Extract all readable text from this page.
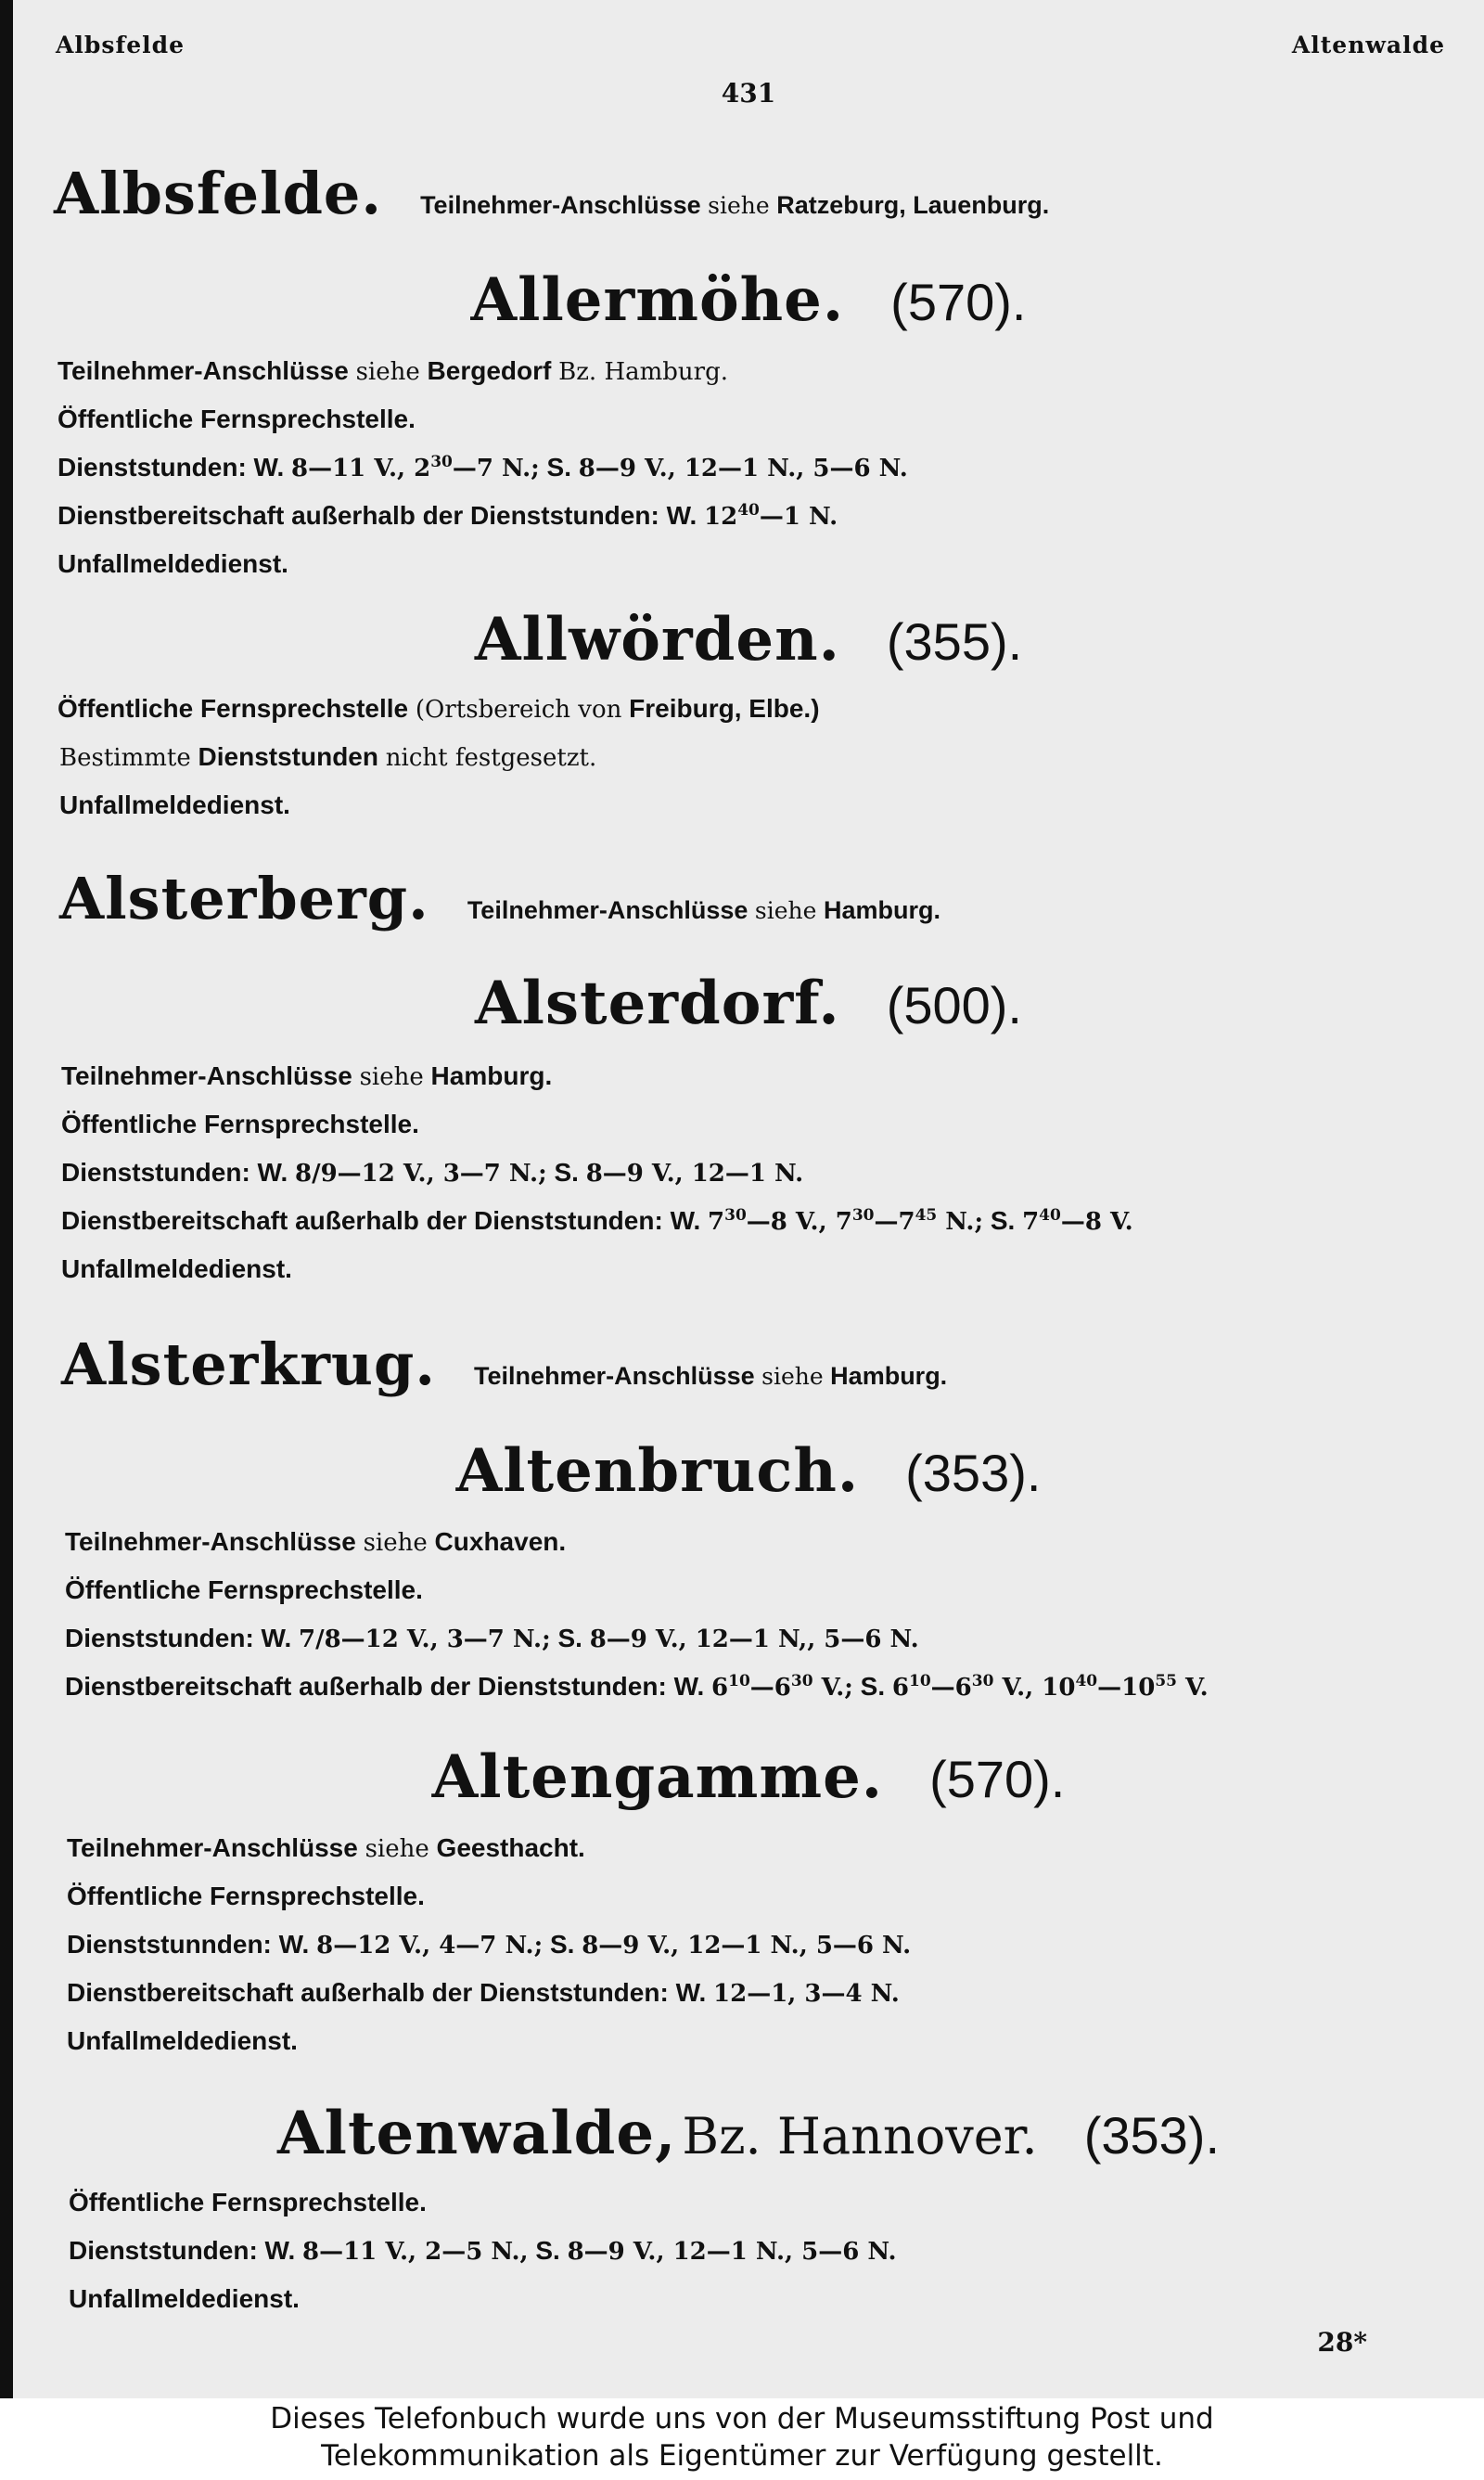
Albsfelde	Altenwalde
431
Albsfelde. Teilnehmer-Anschlüsse siehe Ratzeburg, Lauenburg.
Allermöhe. (570).
Teilnehmer-Anschlüsse siehe Bergedorf Bz. Hamburg.
Öffentliche Fernsprechstelle.
Dienststunden: W. 8—11 V., $2^{30}—7$ N.; S. 8—9 V., 12—1 N., 5—6 N.
Dienstbereitschaft außerhalb der Dienststunden: W. $12^{40}—1$ N.
Unfallmeldedienst.
Allwörden. (355).
Öffentliche Fernsprechstelle (Ortsbereich von Freiburg, Elbe.)
Bestimmte Dienststunden nicht festgesetzt.
Unfallmeldedienst.
Alsterberg. Teilnehmer-Anschlüsse siehe Hamburg.
Alsterdorf. (500).
Teilnehmer-Anschlüsse siehe Hamburg.
Öffentliche Fernsprechstelle.
Dienststunden: W. 8/9—12 V., 3—7 N.; S. 8—9 V., 12—1 N.
Dienstbereitschaft außerhalb der Dienststunden: W. $7^{30}—8$ V., $7^{30}—7^{45}$ N.; S. $7^{40}—8$ V.
Unfallmeldedienst.
Alsterkrug. Teilnehmer-Anschlüsse siehe Hamburg.
Altenbruch. (353).
Teilnehmer-Anschlüsse siehe Cuxhaven.
Öffentliche Fernsprechstelle.
Dienststunden: W. 7/8—12 V., 3—7 N.; S. 8—9 V., 12—1 N,, 5—6 N.
Dienstbereitschaft außerhalb der Dienststunden: W. $6^{10}—6^{30}$ V.; S. $6^{10}—6^{30}$ V., $10^{40}—10^{55}$ V.
Altengamme. (570).
Teilnehmer-Anschlüsse siehe Geesthacht.
Öffentliche Fernsprechstelle.
Dienststunnden: W. 8—12 V., 4—7 N.; S. 8—9 V., 12—1 N., 5—6 N.
Dienstbereitschaft außerhalb der Dienststunden: W. 12—1, 3—4 N.
Unfallmeldedienst.
Altenwalde, Bz. Hannover. (353).
Öffentliche Fernsprechstelle.
Dienststunden: W. 8—11 V., 2—5 N., S. 8—9 V., 12—1 N., 5—6 N.
Unfallmeldedienst.
28*
Dieses Telefonbuch wurde uns von der Museumsstiftung Post und
Telekommunikation als Eigentümer zur Verfügung gestellt.
